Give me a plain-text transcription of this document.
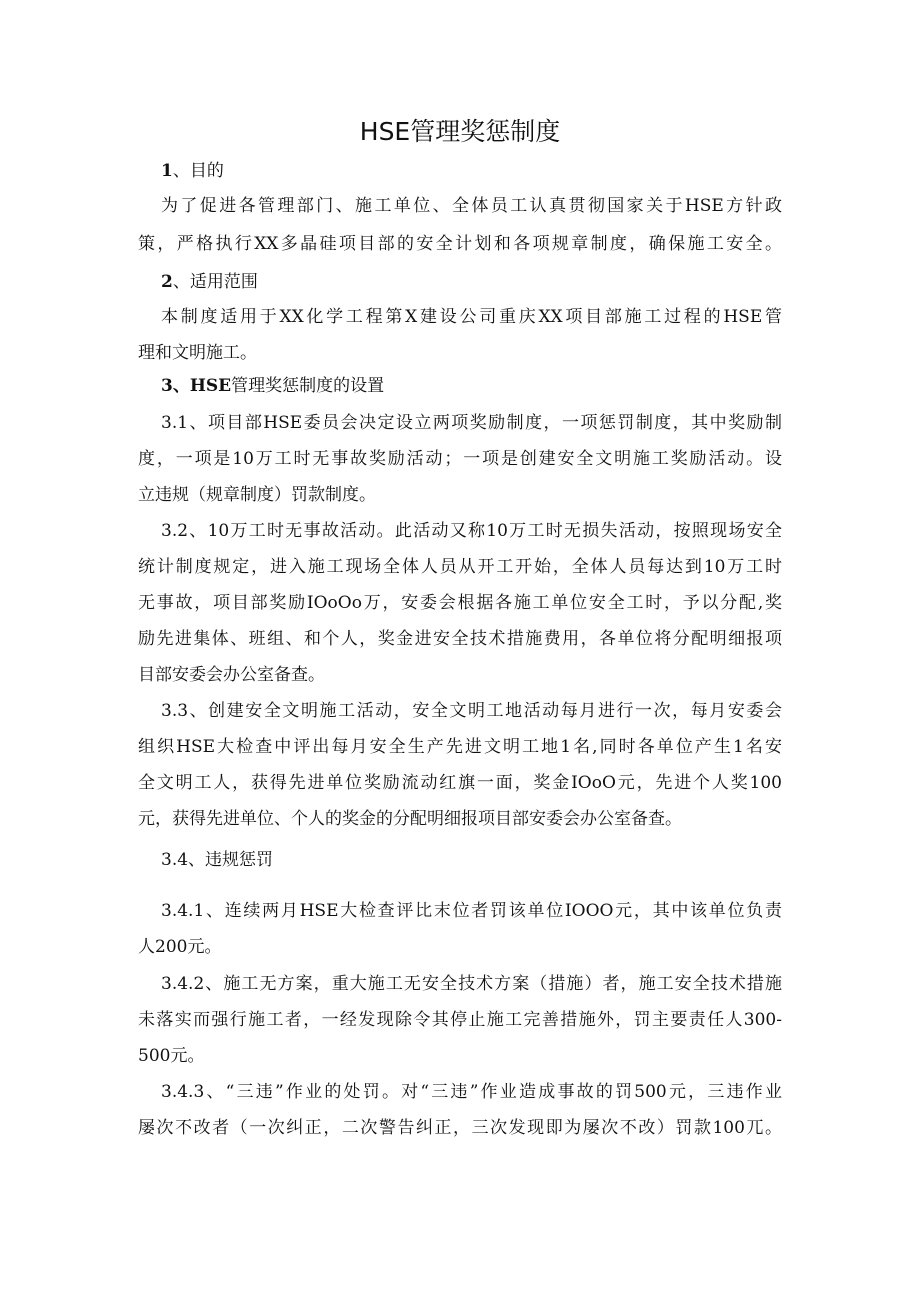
HSE管理奖惩制度

1、目的

为了促进各管理部门、施工单位、全体员工认真贯彻国家关于HSE方针政

策，严格执行XX多晶硅项目部的安全计划和各项规章制度，确保施工安全。

2、适用范围

本制度适用于XX化学工程第X建设公司重庆XX项目部施工过程的HSE管

理和文明施工。

3、HSE管理奖惩制度的设置

3.1、项目部HSE委员会决定设立两项奖励制度，一项惩罚制度，其中奖励制

度，一项是10万工时无事故奖励活动；一项是创建安全文明施工奖励活动。设

立违规（规章制度）罚款制度。

3.2、10万工时无事故活动。此活动又称10万工时无损失活动，按照现场安全

统计制度规定，进入施工现场全体人员从开工开始，全体人员每达到10万工时

无事故，项目部奖励IOoOo万，安委会根据各施工单位安全工时，予以分配,奖

励先进集体、班组、和个人，奖金进安全技术措施费用，各单位将分配明细报项

目部安委会办公室备查。

3.3、创建安全文明施工活动，安全文明工地活动每月进行一次，每月安委会

组织HSE大检查中评出每月安全生产先进文明工地1名,同时各单位产生1名安

全文明工人，获得先进单位奖励流动红旗一面，奖金IOoO元，先进个人奖100

元，获得先进单位、个人的奖金的分配明细报项目部安委会办公室备查。

3.4、违规惩罚

3.4.1、连续两月HSE大检查评比末位者罚该单位IOOO元，其中该单位负责

人200元。

3.4.2、施工无方案，重大施工无安全技术方案（措施）者，施工安全技术措施

未落实而强行施工者，一经发现除令其停止施工完善措施外，罚主要责任人300-

500元。

3.4.3、“三违”作业的处罚。对“三违”作业造成事故的罚500元，三违作业

屡次不改者（一次纠正，二次警告纠正，三次发现即为屡次不改）罚款100兀。
